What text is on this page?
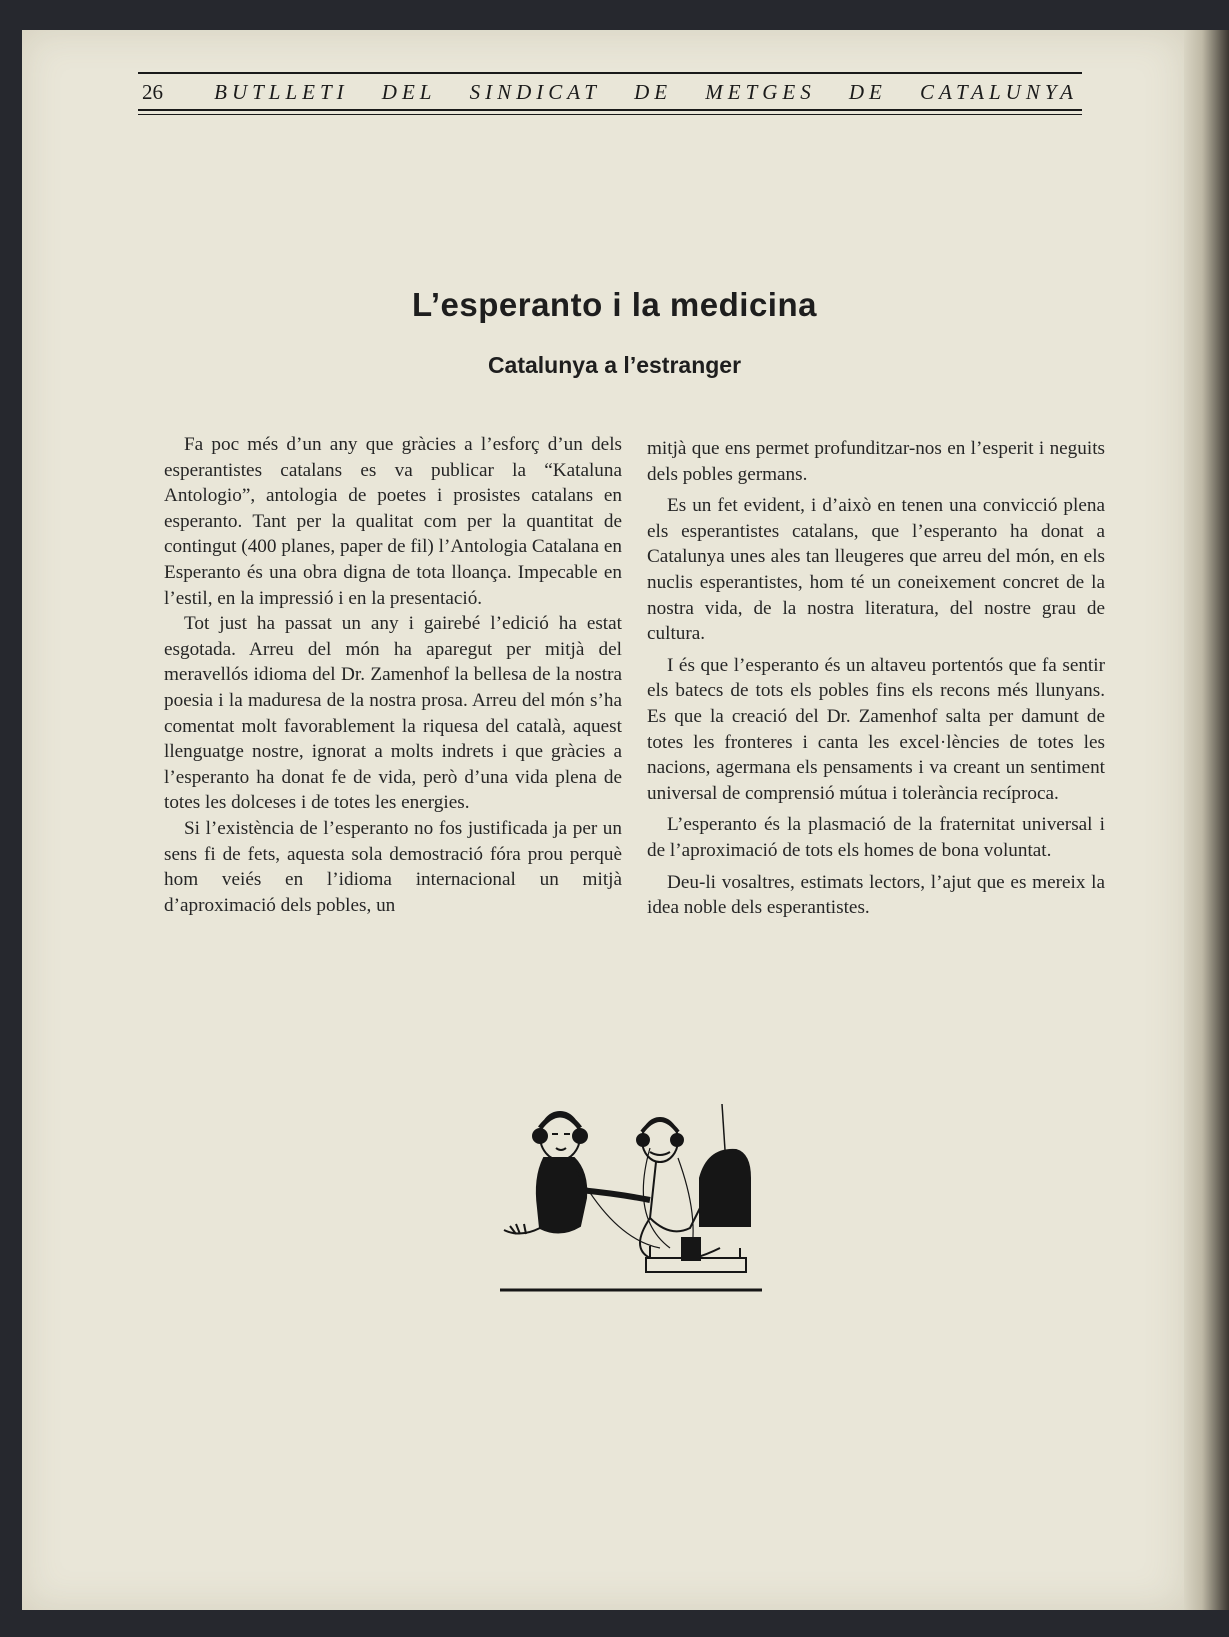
26 BUTLLETI DEL SINDICAT DE METGES DE CATALUNYA
L’esperanto i la medicina
Catalunya a l’estranger

Fa poc més d’un any que gràcies a l’esforç d’un dels esperantistes catalans es va publicar la “Kataluna Antologio”, antologia de poetes i prosistes catalans en esperanto. Tant per la qualitat com per la quantitat de contingut (400 planes, paper de fil) l’Antologia Catalana en Esperanto és una obra digna de tota lloança. Impecable en l’estil, en la impressió i en la presentació.

Tot just ha passat un any i gairebé l’edició ha estat esgotada. Arreu del món ha aparegut per mitjà del meravellós idioma del Dr. Zamenhof la bellesa de la nostra poesia i la maduresa de la nostra prosa. Arreu del món s’ha comentat molt favorablement la riquesa del català, aquest llenguatge nostre, ignorat a molts indrets i que gràcies a l’esperanto ha donat fe de vida, però d’una vida plena de totes les dolceses i de totes les energies.

Si l’existència de l’esperanto no fos justificada ja per un sens fi de fets, aquesta sola demostració fóra prou perquè hom veiés en l’idioma internacional un mitjà d’aproximació dels pobles, un

mitjà que ens permet profunditzar-nos en l’esperit i neguits dels pobles germans.

Es un fet evident, i d’això en tenen una convicció plena els esperantistes catalans, que l’esperanto ha donat a Catalunya unes ales tan lleugeres que arreu del món, en els nuclis esperantistes, hom té un coneixement concret de la nostra vida, de la nostra literatura, del nostre grau de cultura.

I és que l’esperanto és un altaveu portentós que fa sentir els batecs de tots els pobles fins els recons més llunyans. Es que la creació del Dr. Zamenhof salta per damunt de totes les fronteres i canta les excel·lències de totes les nacions, agermana els pensaments i va creant un sentiment universal de comprensió mútua i tolerància recíproca.

L’esperanto és la plasmació de la fraternitat universal i de l’aproximació de tots els homes de bona voluntat.

Deu-li vosaltres, estimats lectors, l’ajut que es mereix la idea noble dels esperantistes.
